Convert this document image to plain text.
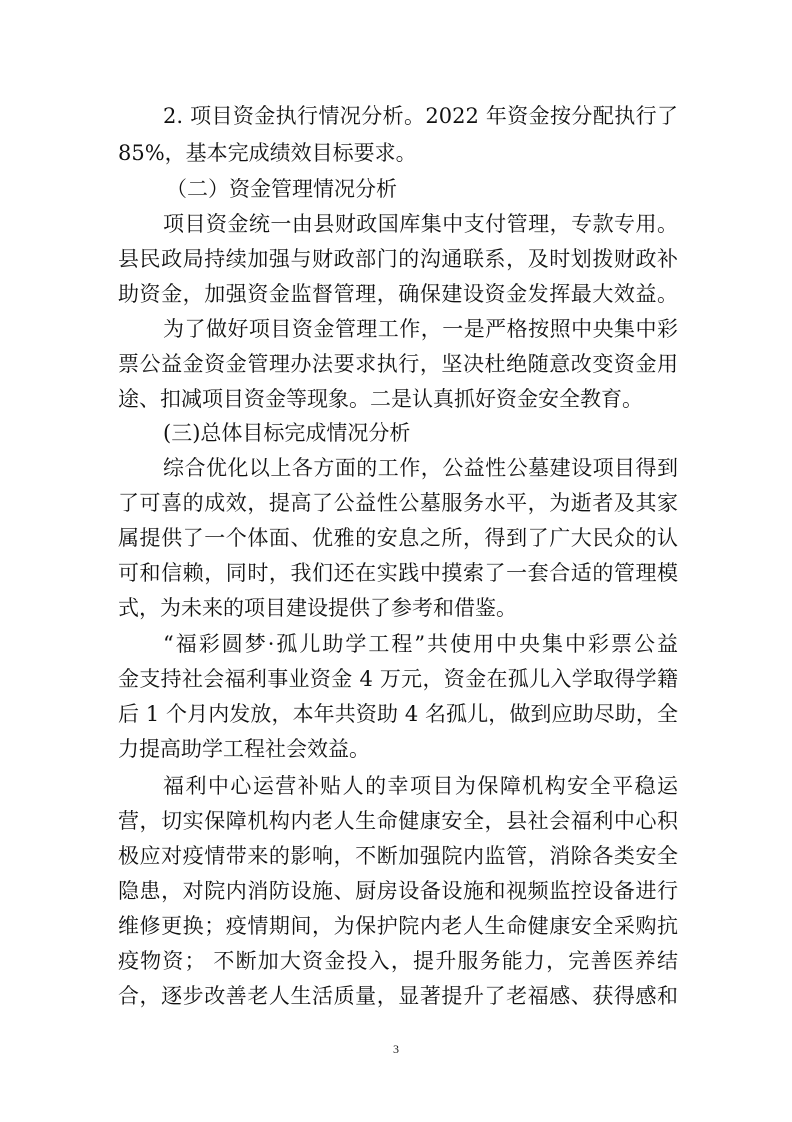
2. 项目资金执行情况分析。2022 年资金按分配执行了
85%，基本完成绩效目标要求。
（二）资金管理情况分析
项目资金统一由县财政国库集中支付管理，专款专用。
县民政局持续加强与财政部门的沟通联系，及时划拨财政补
助资金，加强资金监督管理，确保建设资金发挥最大效益。
为了做好项目资金管理工作，一是严格按照中央集中彩
票公益金资金管理办法要求执行，坚决杜绝随意改变资金用
途、扣减项目资金等现象。二是认真抓好资金安全教育。
(三)总体目标完成情况分析
综合优化以上各方面的工作，公益性公墓建设项目得到
了可喜的成效，提高了公益性公墓服务水平，为逝者及其家
属提供了一个体面、优雅的安息之所，得到了广大民众的认
可和信赖，同时，我们还在实践中摸索了一套合适的管理模
式，为未来的项目建设提供了参考和借鉴。
“福彩圆梦·孤儿助学工程”共使用中央集中彩票公益
金支持社会福利事业资金 4 万元，资金在孤儿入学取得学籍
后 1 个月内发放，本年共资助 4 名孤儿，做到应助尽助，全
力提高助学工程社会效益。
福利中心运营补贴人的幸项目为保障机构安全平稳运
营，切实保障机构内老人生命健康安全，县社会福利中心积
极应对疫情带来的影响，不断加强院内监管，消除各类安全
隐患，对院内消防设施、厨房设备设施和视频监控设备进行
维修更换；疫情期间，为保护院内老人生命健康安全采购抗
疫物资； 不断加大资金投入，提升服务能力，完善医养结
合，逐步改善老人生活质量，显著提升了老福感、获得感和
3
